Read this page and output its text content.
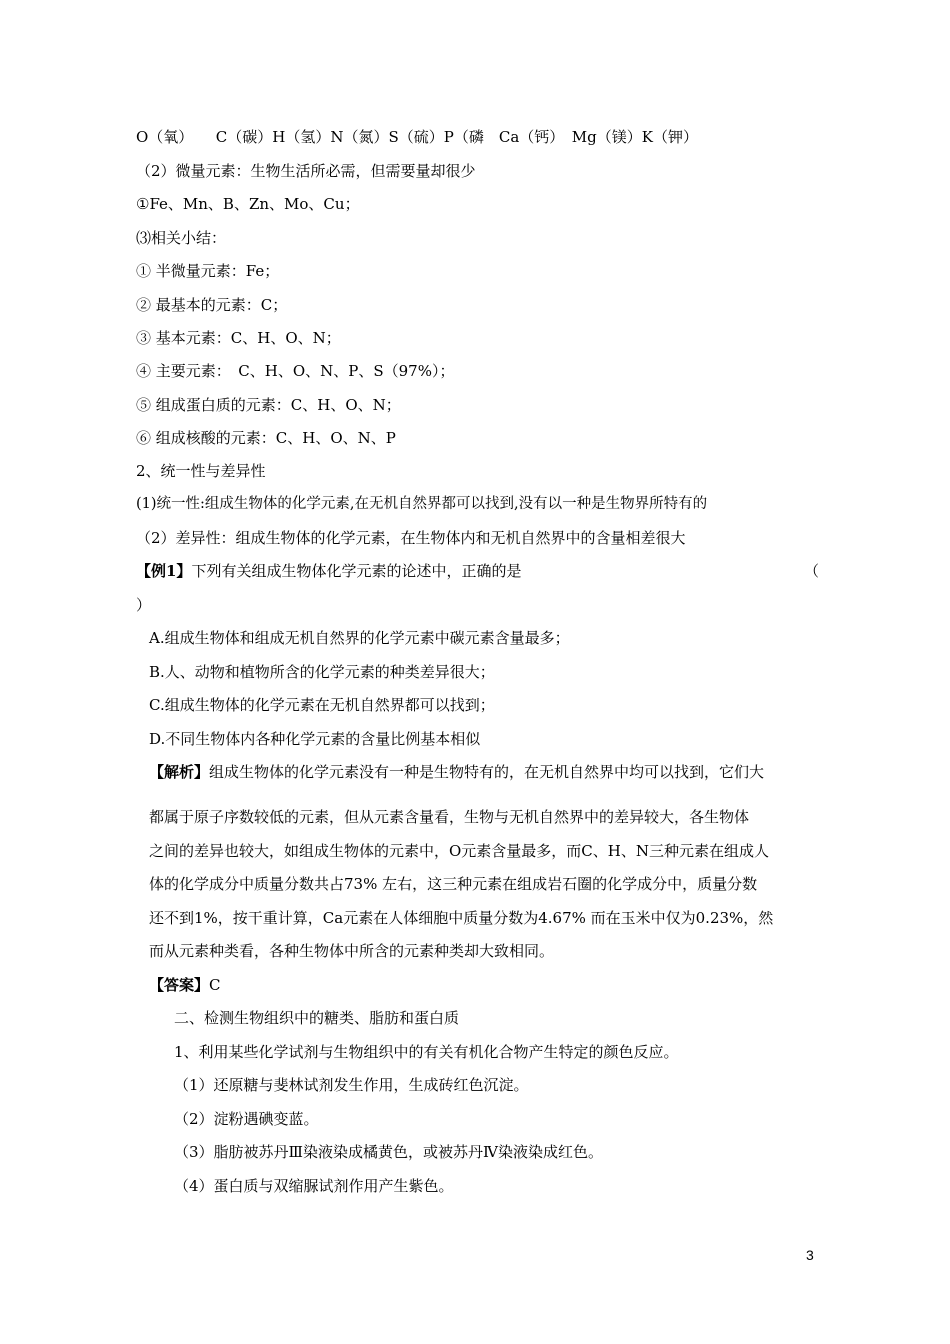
O（氧）　　C（碳）H（氢）N（氮）S（硫）P（磷　Ca（钙）　Mg（镁）K（钾）
（2）微量元素：生物生活所必需，但需要量却很少
①Fe、Mn、B、Zn、Mo、Cu；
⑶相关小结：
① 半微量元素：Fe；
② 最基本的元素：C；
③ 基本元素：C、H、O、N；
④ 主要元素：　C、H、O、N、P、S（97%）；
⑤ 组成蛋白质的元素：C、H、O、N；
⑥ 组成核酸的元素：C、H、O、N、P
2、统一性与差异性
(1)统一性:组成生物体的化学元素,在无机自然界都可以找到,没有以一种是生物界所特有的
（2）差异性：组成生物体的化学元素，在生物体内和无机自然界中的含量相差很大
【例1】下列有关组成生物体化学元素的论述中，正确的是	（
）
A.组成生物体和组成无机自然界的化学元素中碳元素含量最多；
B.人、动物和植物所含的化学元素的种类差异很大；
C.组成生物体的化学元素在无机自然界都可以找到；
D.不同生物体内各种化学元素的含量比例基本相似
【解析】组成生物体的化学元素没有一种是生物特有的，在无机自然界中均可以找到，它们大
都属于原子序数较低的元素，但从元素含量看，生物与无机自然界中的差异较大，各生物体
之间的差异也较大，如组成生物体的元素中，O元素含量最多，而C、H、N三种元素在组成人
体的化学成分中质量分数共占73% 左右，这三种元素在组成岩石圈的化学成分中，质量分数
还不到1%，按干重计算，Ca元素在人体细胞中质量分数为4.67% 而在玉米中仅为0.23%，然
而从元素种类看，各种生物体中所含的元素种类却大致相同。
【答案】C
二、检测生物组织中的糖类、脂肪和蛋白质
1、利用某些化学试剂与生物组织中的有关有机化合物产生特定的颜色反应。
（1）还原糖与斐林试剂发生作用，生成砖红色沉淀。
（2）淀粉遇碘变蓝。
（3）脂肪被苏丹Ⅲ染液染成橘黄色，或被苏丹Ⅳ染液染成红色。
（4）蛋白质与双缩脲试剂作用产生紫色。
3
